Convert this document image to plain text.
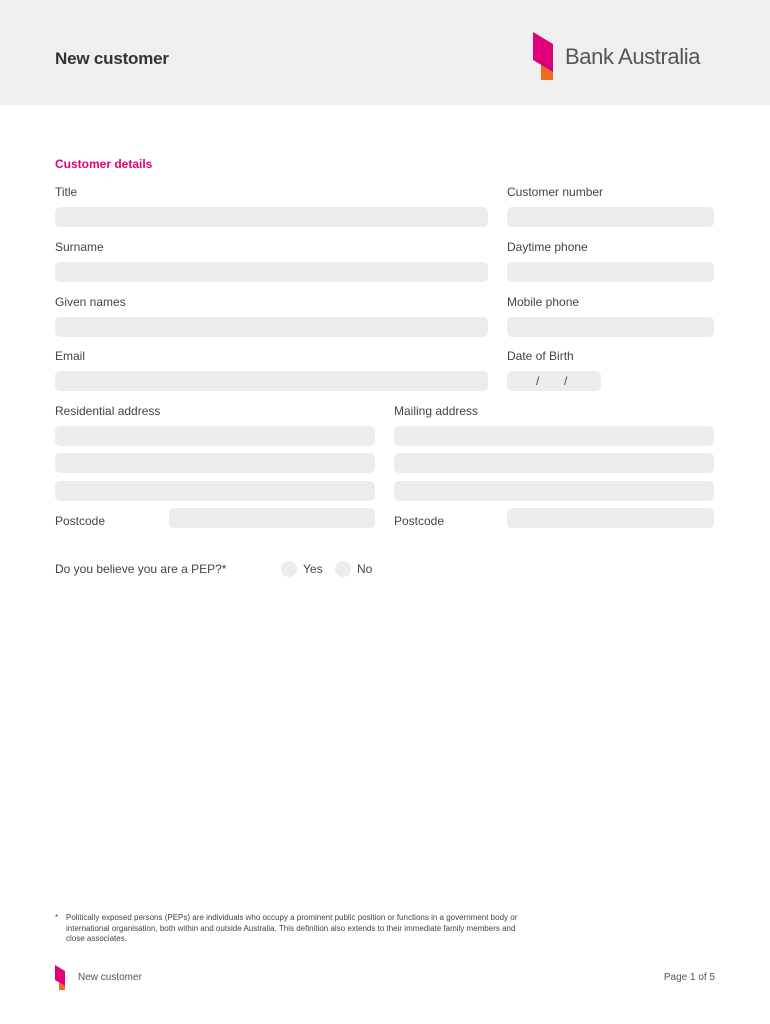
New customer	Bank Australia
Customer details
Title	Customer number
Surname	Daytime phone
Given names	Mobile phone
Email	Date of Birth
/ /
Residential address	Mailing address
Postcode	Postcode
Do you believe you are a PEP?*	Yes	No
* Politically exposed persons (PEPs) are individuals who occupy a prominent public position or functions in a government body or international organisation, both within and outside Australia. This definition also extends to their immediate family members and close associates.
New customer	Page 1 of 5
